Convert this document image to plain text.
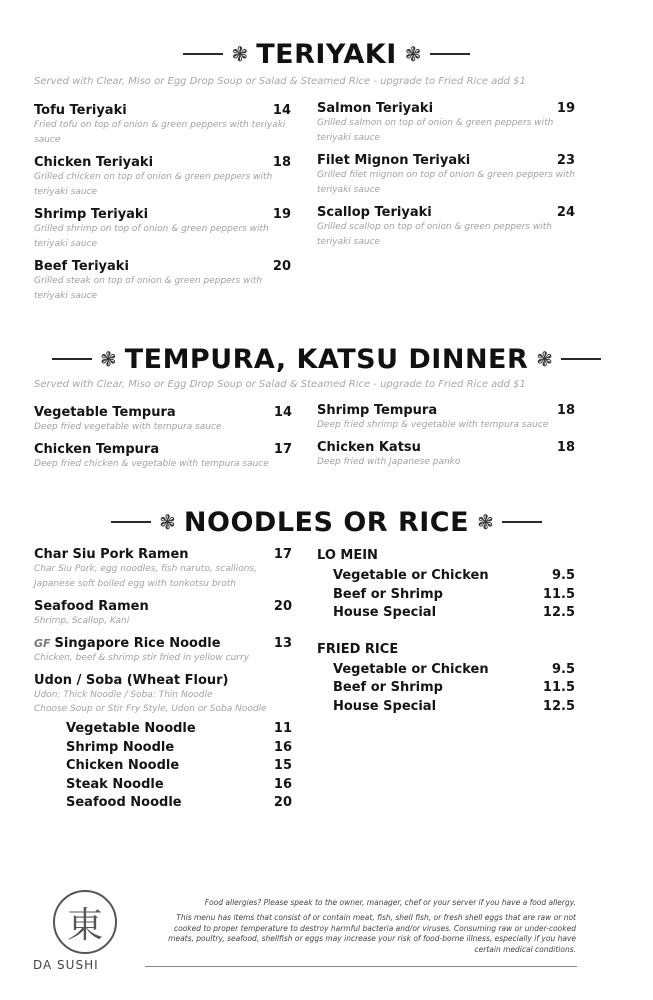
❃ TERIYAKI ❃
Served with Clear, Miso or Egg Drop Soup or Salad & Steamed Rice - upgrade to Fried Rice add $1
Tofu Teriyaki	14
Fried tofu on top of onion & green peppers with teriyaki sauce
Chicken Teriyaki	18
Grilled chicken on top of onion & green peppers with teriyaki sauce
Shrimp Teriyaki	19
Grilled shrimp on top of onion & green peppers with teriyaki sauce
Beef Teriyaki	20
Grilled steak on top of onion & green peppers with teriyaki sauce
Salmon Teriyaki	19
Grilled salmon on top of onion & green peppers with teriyaki sauce
Filet Mignon Teriyaki	23
Grilled filet mignon on top of onion & green peppers with teriyaki sauce
Scallop Teriyaki	24
Grilled scallop on top of onion & green peppers with teriyaki sauce
❃ TEMPURA, KATSU DINNER ❃
Served with Clear, Miso or Egg Drop Soup or Salad & Steamed Rice - upgrade to Fried Rice add $1
Vegetable Tempura	14
Deep fried vegetable with tempura sauce
Chicken Tempura	17
Deep fried chicken & vegetable with tempura sauce
Shrimp Tempura	18
Deep fried shrimp & vegetable with tempura sauce
Chicken Katsu	18
Deep fried with Japanese panko
❃ NOODLES OR RICE ❃
Char Siu Pork Ramen	17
Char Siu Pork, egg noodles, fish naruto, scallions, Japanese soft boiled egg with tonkotsu broth
Seafood Ramen	20
Shrimp, Scallop, Kani
GF Singapore Rice Noodle	13
Chicken, beef & shrimp stir fried in yellow curry
Udon / Soba (Wheat Flour)
Udon: Thick Noodle / Soba: Thin Noodle
Choose Soup or Stir Fry Style, Udon or Soba Noodle
Vegetable Noodle	11
Shrimp Noodle	16
Chicken Noodle	15
Steak Noodle	16
Seafood Noodle	20
LO MEIN
Vegetable or Chicken	9.5
Beef or Shrimp	11.5
House Special	12.5
FRIED RICE
Vegetable or Chicken	9.5
Beef or Shrimp	11.5
House Special	12.5
東
DA SUSHI
Food allergies? Please speak to the owner, manager, chef or your server if you have a food allergy.
This menu has items that consist of or contain meat, fish, shell fish, or fresh shell eggs that are raw or not cooked to proper temperature to destroy harmful bacteria and/or viruses. Consuming raw or under-cooked meats, poultry, seafood, shellfish or eggs may increase your risk of food-borne illness, especially if you have certain medical conditions.
